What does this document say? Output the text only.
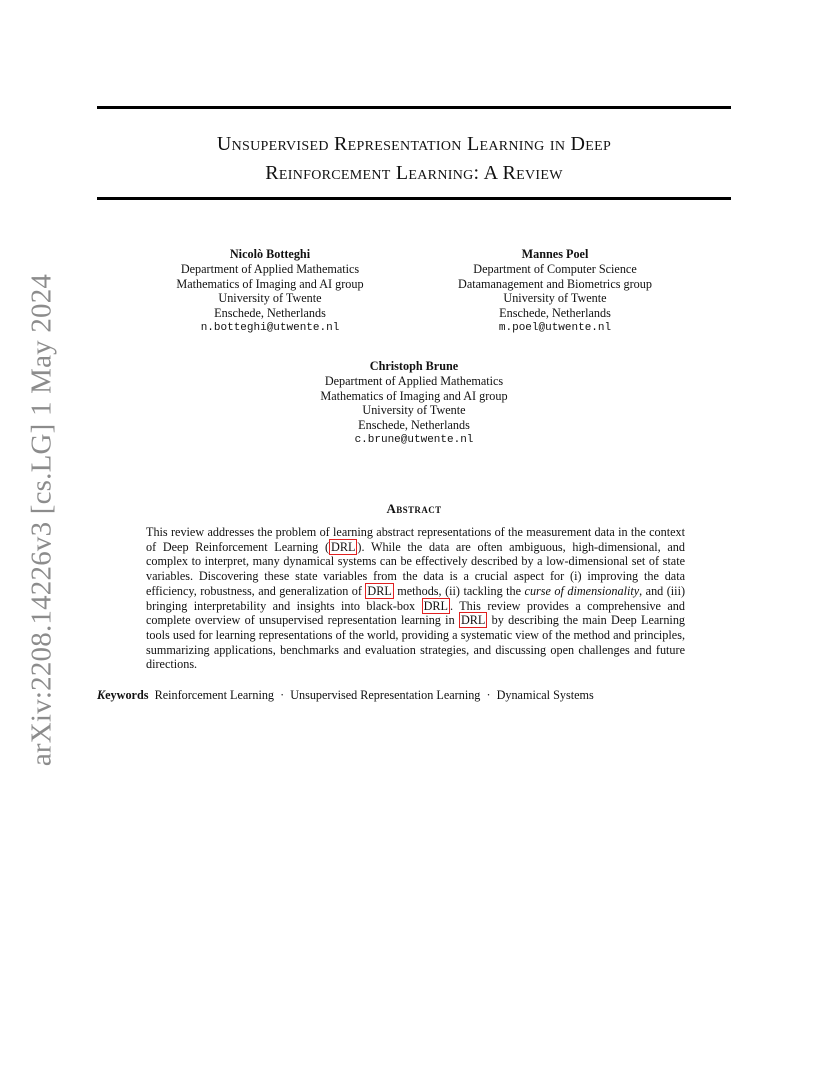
arXiv:2208.14226v3 [cs.LG] 1 May 2024
Unsupervised Representation Learning in Deep
Reinforcement Learning: A Review
Nicolò Botteghi
Department of Applied Mathematics
Mathematics of Imaging and AI group
University of Twente
Enschede, Netherlands
n.botteghi@utwente.nl
Mannes Poel
Department of Computer Science
Datamanagement and Biometrics group
University of Twente
Enschede, Netherlands
m.poel@utwente.nl
Christoph Brune
Department of Applied Mathematics
Mathematics of Imaging and AI group
University of Twente
Enschede, Netherlands
c.brune@utwente.nl
Abstract

This review addresses the problem of learning abstract representations of the measurement data in the context of Deep Reinforcement Learning ( DRL ). While the data are often ambiguous, high-dimensional, and complex to interpret, many dynamical systems can be effectively described by a low-dimensional set of state variables. Discovering these state variables from the data is a crucial aspect for (i) improving the data efficiency, robustness, and generalization of DRL methods, (ii) tackling the curse of dimensionality, and (iii) bringing interpretability and insights into black-box DRL . This review provides a comprehensive and complete overview of unsupervised representation learning in DRL by describing the main Deep Learning tools used for learning representations of the world, providing a systematic view of the method and principles, summarizing applications, benchmarks and evaluation strategies, and discussing open challenges and future directions.

Keywords Reinforcement Learning · Unsupervised Representation Learning · Dynamical Systems
